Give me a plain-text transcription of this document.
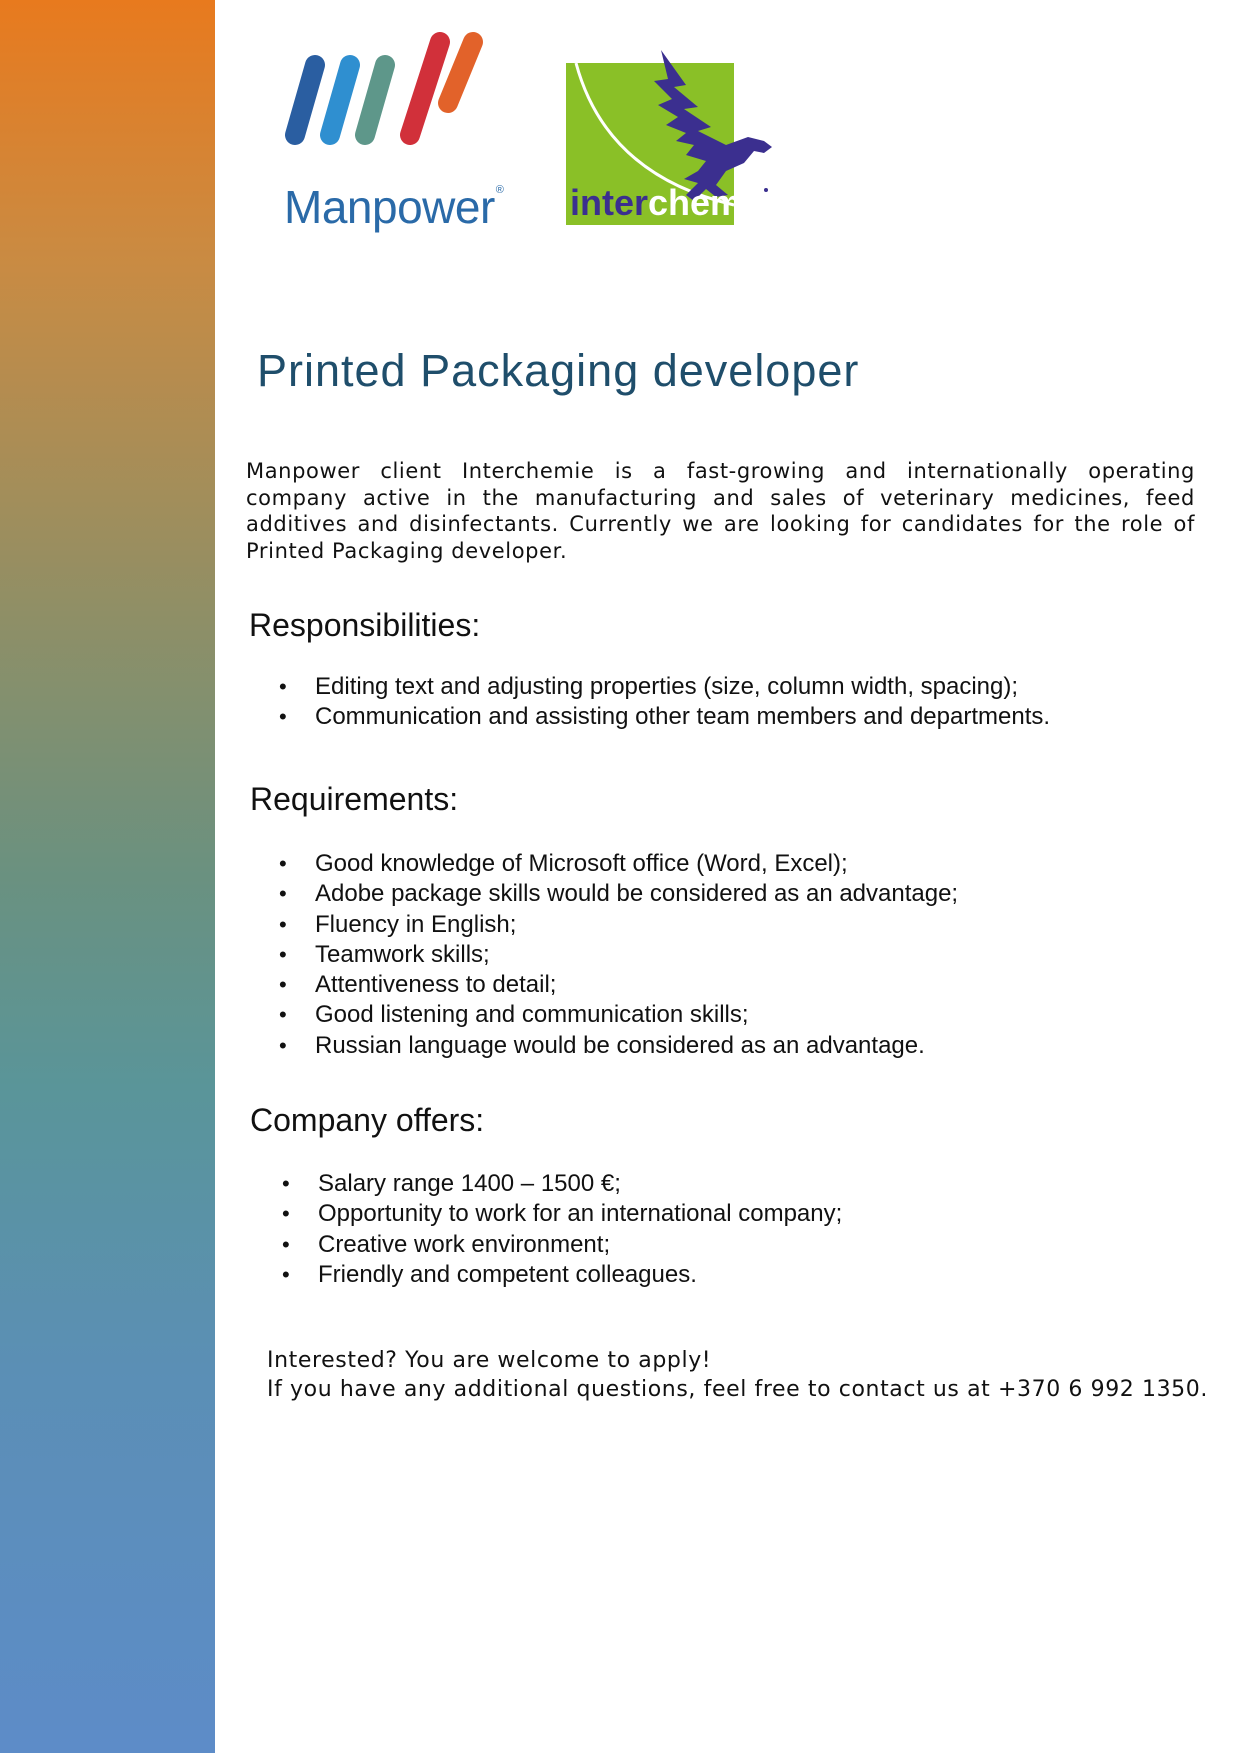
Manpower® interchemie
Printed Packaging developer

Manpower client Interchemie is a fast-growing and internationally operating company active in the manufacturing and sales of veterinary medicines, feed additives and disinfectants. Currently we are looking for candidates for the role of Printed Packaging developer.

Responsibilities:
• Editing text and adjusting properties (size, column width, spacing);
• Communication and assisting other team members and departments.
Requirements:
• Good knowledge of Microsoft office (Word, Excel);
• Adobe package skills would be considered as an advantage;
• Fluency in English;
• Teamwork skills;
• Attentiveness to detail;
• Good listening and communication skills;
• Russian language would be considered as an advantage.
Company offers:
• Salary range 1400 – 1500 €;
• Opportunity to work for an international company;
• Creative work environment;
• Friendly and competent colleagues.
Interested? You are welcome to apply!
If you have any additional questions, feel free to contact us at +370 6 992 1350.
